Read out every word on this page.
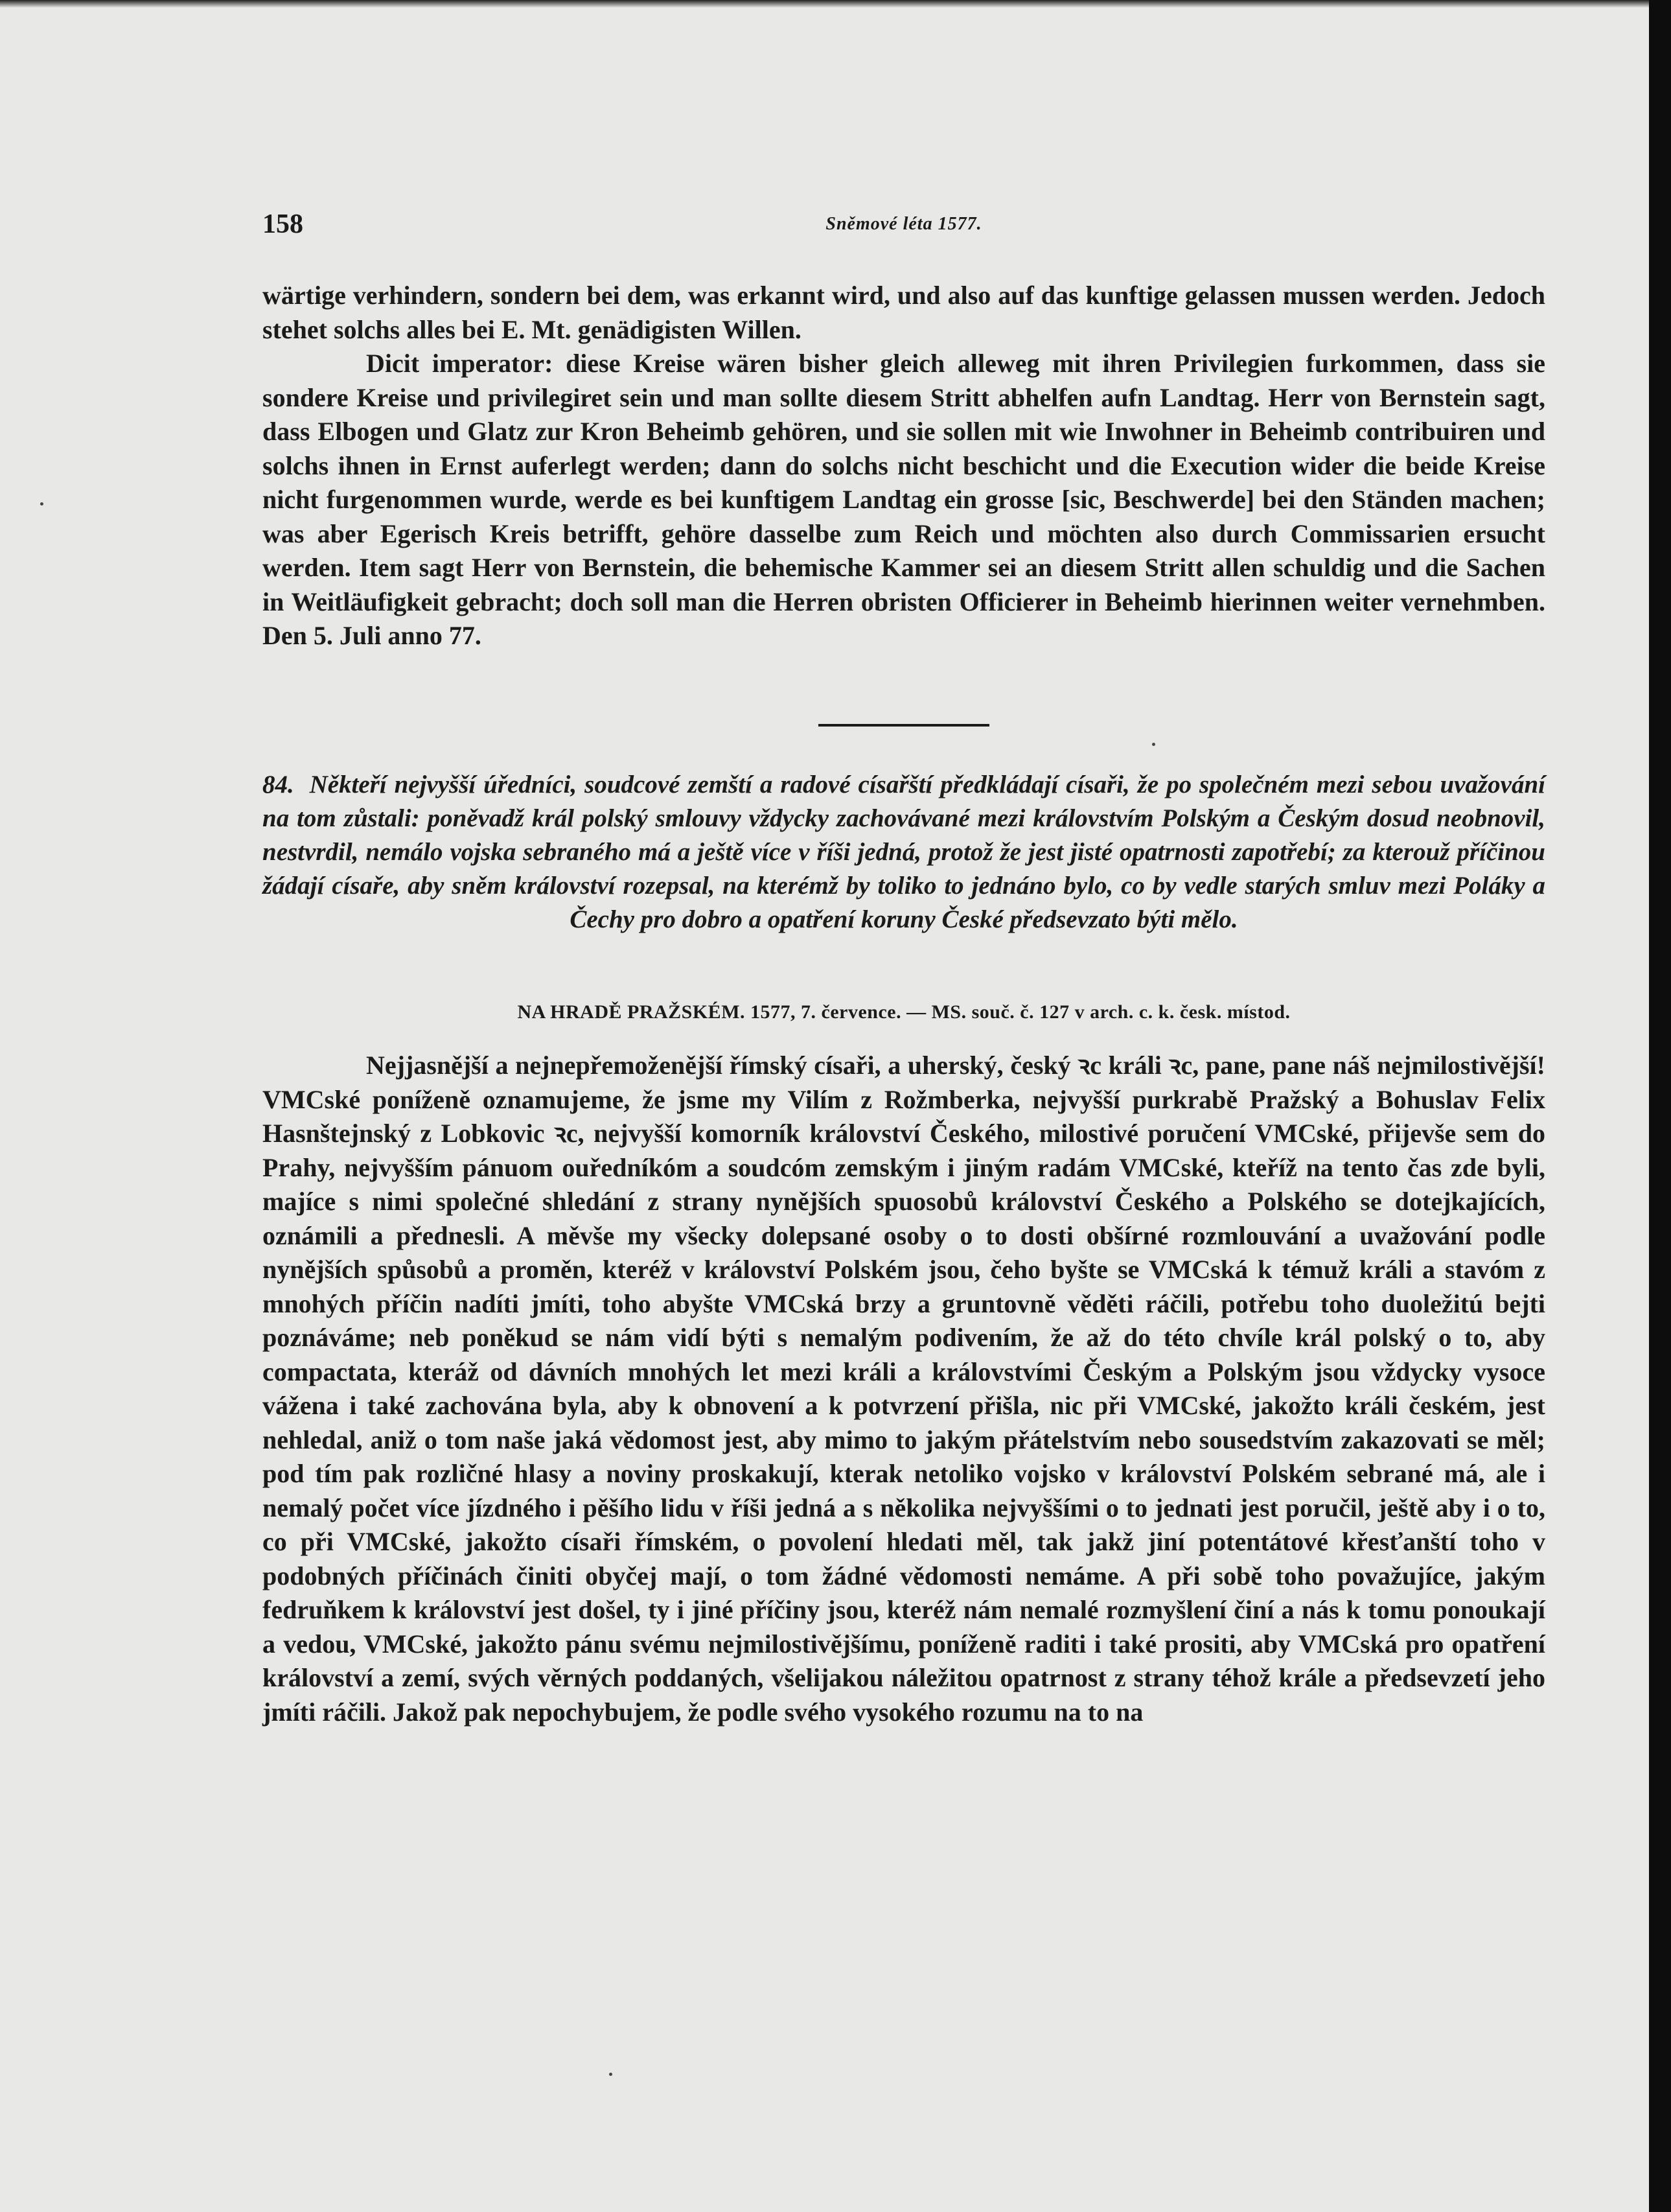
158	Sněmové léta 1577.

wärtige verhindern, sondern bei dem, was erkannt wird, und also auf das kunftige gelassen mussen werden. Jedoch stehet solchs alles bei E. Mt. genädigisten Willen.

Dicit imperator: diese Kreise wären bisher gleich alleweg mit ihren Privilegien furkommen, dass sie sondere Kreise und privilegiret sein und man sollte diesem Stritt abhelfen aufn Landtag. Herr von Bernstein sagt, dass Elbogen und Glatz zur Kron Beheimb gehören, und sie sollen mit wie Inwohner in Beheimb contribuiren und solchs ihnen in Ernst auferlegt werden; dann do solchs nicht beschicht und die Execution wider die beide Kreise nicht furgenommen wurde, werde es bei kunftigem Landtag ein grosse [sic, Beschwerde] bei den Ständen machen; was aber Egerisch Kreis betrifft, gehöre dasselbe zum Reich und möchten also durch Commissarien ersucht werden. Item sagt Herr von Bernstein, die behemische Kammer sei an diesem Stritt allen schuldig und die Sachen in Weitläufigkeit gebracht; doch soll man die Herren obristen Officierer in Beheimb hierinnen weiter vernehmben. Den 5. Juli anno 77.

84. Někteří nejvyšší úředníci, soudcové zemští a radové císařští předkládají císaři, že po společném mezi sebou uvažování na tom zůstali: poněvadž král polský smlouvy vždycky zachovávané mezi královstvím Polským a Českým dosud neobnovil, nestvrdil, nemálo vojska sebraného má a ještě více v říši jedná, protož že jest jisté opatrnosti zapotřebí; za kterouž příčinou žádají císaře, aby sněm království rozepsal, na kterémž by toliko to jednáno bylo, co by vedle starých smluv mezi Poláky a Čechy pro dobro a opatření koruny České předsevzato býti mělo.
NA HRADĚ PRAŽSKÉM. 1577, 7. července. — MS. souč. č. 127 v arch. c. k. česk. místod.

Nejjasnější a nejnepřemoženější římský císaři, a uherský, český ꝛc králi ꝛc, pane, pane náš nejmilostivější! VMCské poníženě oznamujeme, že jsme my Vilím z Rožmberka, nejvyšší purkrabě Pražský a Bohuslav Felix Hasnštejnský z Lobkovic ꝛc, nejvyšší komorník království Českého, milostivé poručení VMCské, přijevše sem do Prahy, nejvyšším pánuom ouředníkóm a soudcóm zemským i jiným radám VMCské, kteříž na tento čas zde byli, majíce s nimi společné shledání z strany nynějších spuosobů království Českého a Polského se dotejkajících, oznámili a přednesli. A měvše my všecky dolepsané osoby o to dosti obšírné rozmlouvání a uvažování podle nynějších spůsobů a proměn, kteréž v království Polském jsou, čeho byšte se VMCská k témuž králi a stavóm z mnohých příčin nadíti jmíti, toho abyšte VMCská brzy a gruntovně věděti ráčili, potřebu toho duoležitú bejti poznáváme; neb poněkud se nám vidí býti s nemalým podivením, že až do této chvíle král polský o to, aby compactata, kteráž od dávních mnohých let mezi králi a královstvími Českým a Polským jsou vždycky vysoce vážena i také zachována byla, aby k obnovení a k potvrzení přišla, nic při VMCské, jakožto králi českém, jest nehledal, aniž o tom naše jaká vědomost jest, aby mimo to jakým přátelstvím nebo sousedstvím zakazovati se měl; pod tím pak rozličné hlasy a noviny proskakují, kterak netoliko vojsko v království Polském sebrané má, ale i nemalý počet více jízdného i pěšího lidu v říši jedná a s několika nejvyššími o to jednati jest poručil, ještě aby i o to, co při VMCské, jakožto císaři římském, o povolení hledati měl, tak jakž jiní potentátové křesťanští toho v podobných příčinách činiti obyčej mají, o tom žádné vědomosti nemáme. A při sobě toho považujíce, jakým fedruňkem k království jest došel, ty i jiné příčiny jsou, kteréž nám nemalé rozmyšlení činí a nás k tomu ponoukají a vedou, VMCské, jakožto pánu svému nejmilostivějšímu, poníženě raditi i také prositi, aby VMCská pro opatření království a zemí, svých věrných poddaných, všelijakou náležitou opatrnost z strany téhož krále a předsevzetí jeho jmíti ráčili. Jakož pak nepochybujem, že podle svého vysokého rozumu na to na
